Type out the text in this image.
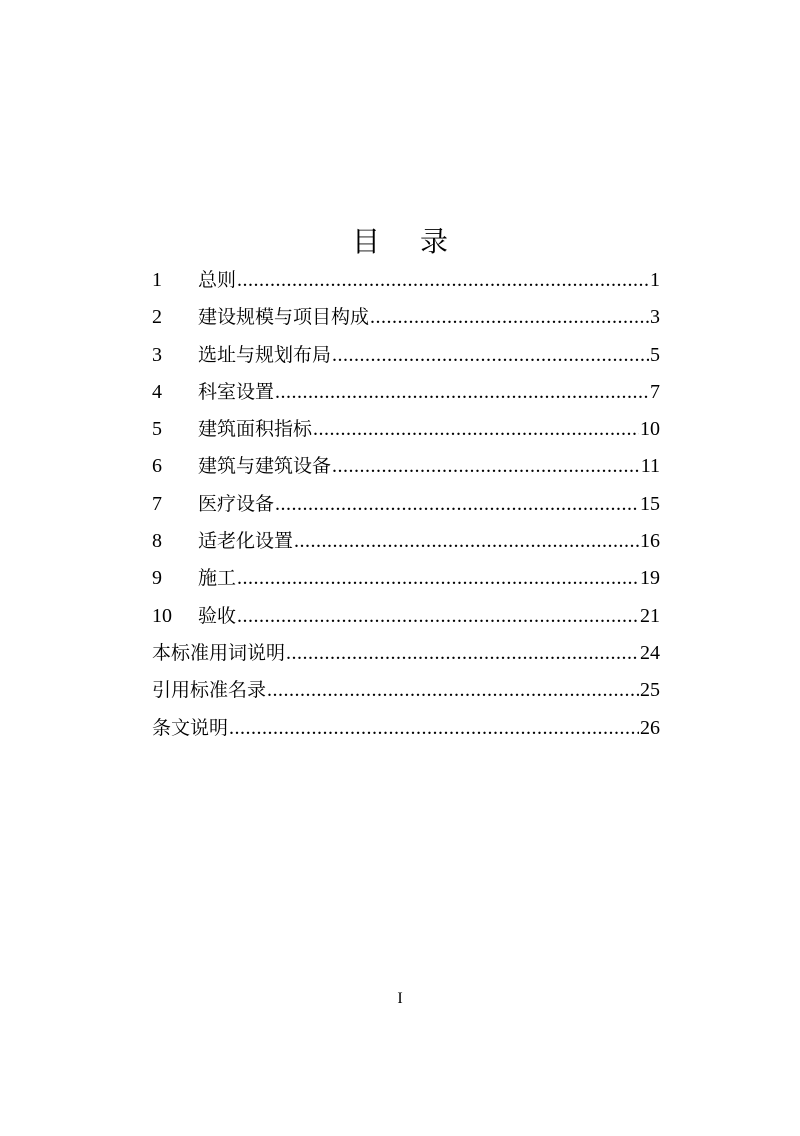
目 录
1	总则 .....	1
2	建设规模与项目构成 .....	3
3	选址与规划布局 .....	5
4	科室设置 .....	7
5	建筑面积指标 .....	10
6	建筑与建筑设备 .....	11
7	医疗设备 .....	15
8	适老化设置 .....	16
9	施工 .....	19
10	验收 .....	21
本标准用词说明 .....	24
引用标准名录 .....	25
条文说明 .....	26
I
